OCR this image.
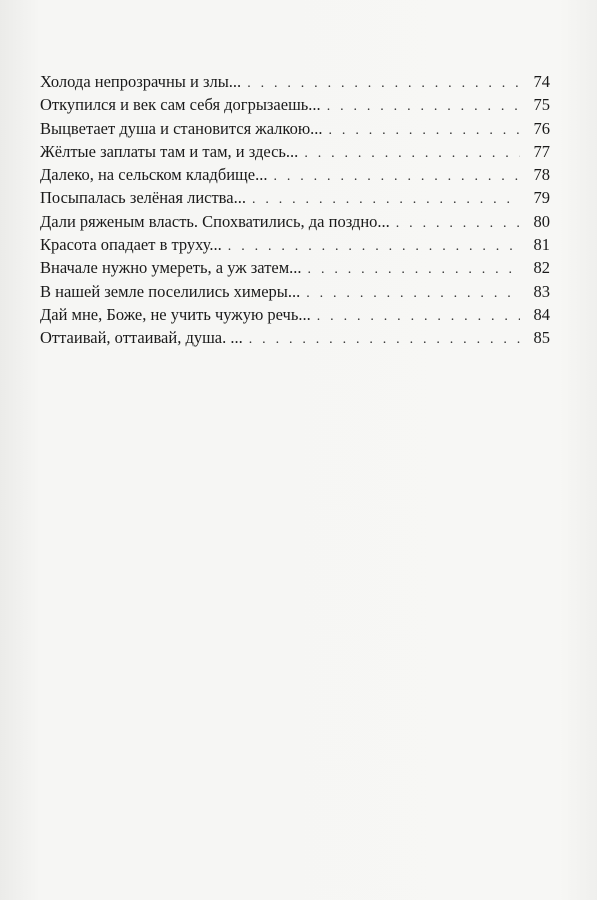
Холода непрозрачны и злы... . . .	74
Откупился и век сам себя догрызаешь... . . .	75
Выцветает душа и становится жалкою... . . .	76
Жёлтые заплаты там и там, и здесь... . . .	77
Далеко, на сельском кладбище... . . .	78
Посыпалась зелёная листва... . . .	79
Дали ряженым власть. Спохватились, да поздно... . . .	80
Красота опадает в труху... . . .	81
Вначале нужно умереть, а уж затем... . . .	82
В нашей земле поселились химеры... . . .	83
Дай мне, Боже, не учить чужую речь... . . .	84
Оттаивай, оттаивай, душа. ... . . .	85
